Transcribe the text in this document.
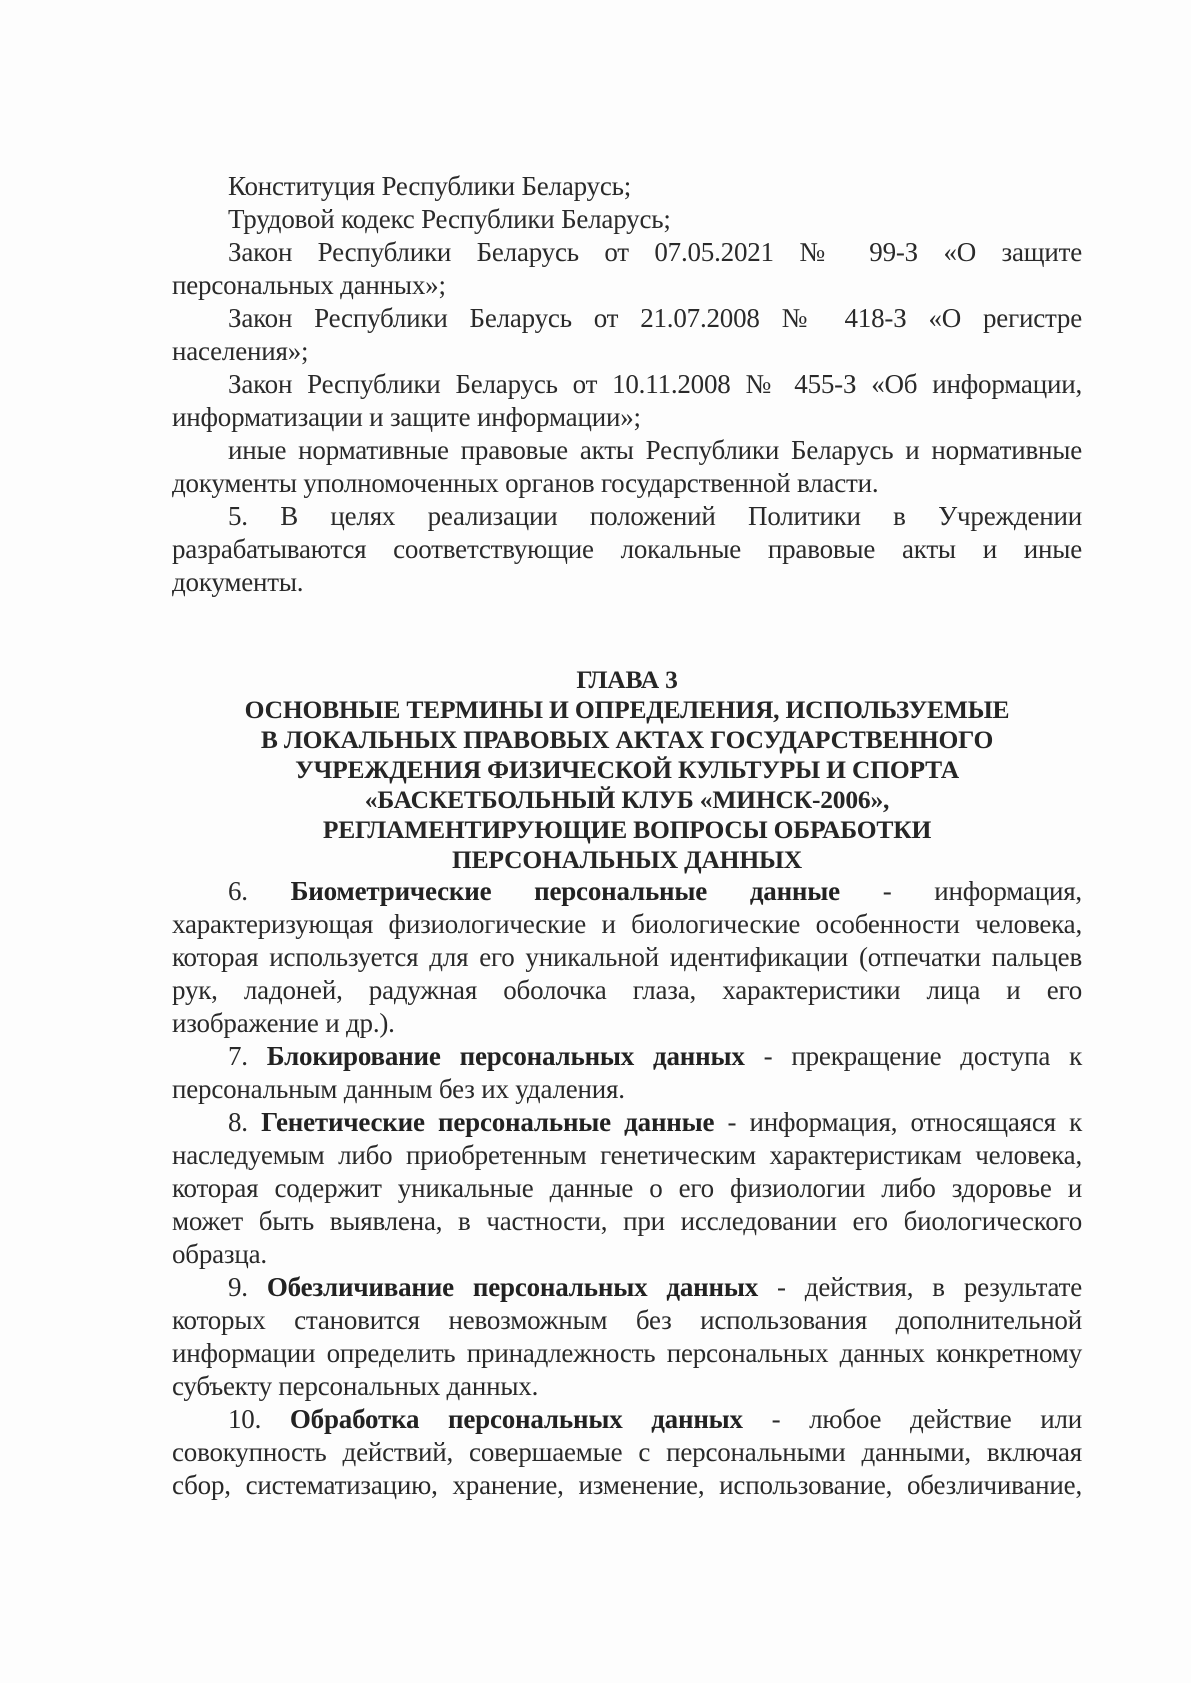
Конституция Республики Беларусь;
Трудовой кодекс Республики Беларусь;
Закон Республики Беларусь от 07.05.2021 № 99-З «О защите
персональных данных»;
Закон Республики Беларусь от 21.07.2008 № 418-З «О регистре
населения»;
Закон Республики Беларусь от 10.11.2008 № 455-З «Об информации,
информатизации и защите информации»;
иные нормативные правовые акты Республики Беларусь и нормативные
документы уполномоченных органов государственной власти.
5. В целях реализации положений Политики в Учреждении
разрабатываются соответствующие локальные правовые акты и иные
документы.
ГЛАВА 3
ОСНОВНЫЕ ТЕРМИНЫ И ОПРЕДЕЛЕНИЯ, ИСПОЛЬЗУЕМЫЕ
В ЛОКАЛЬНЫХ ПРАВОВЫХ АКТАХ ГОСУДАРСТВЕННОГО
УЧРЕЖДЕНИЯ ФИЗИЧЕСКОЙ КУЛЬТУРЫ И СПОРТА
«БАСКЕТБОЛЬНЫЙ КЛУБ «МИНСК-2006»,
РЕГЛАМЕНТИРУЮЩИЕ ВОПРОСЫ ОБРАБОТКИ
ПЕРСОНАЛЬНЫХ ДАННЫХ
6. Биометрические персональные данные - информация,
характеризующая физиологические и биологические особенности человека,
которая используется для его уникальной идентификации (отпечатки пальцев
рук, ладоней, радужная оболочка глаза, характеристики лица и его
изображение и др.).
7. Блокирование персональных данных - прекращение доступа к
персональным данным без их удаления.
8. Генетические персональные данные - информация, относящаяся к
наследуемым либо приобретенным генетическим характеристикам человека,
которая содержит уникальные данные о его физиологии либо здоровье и
может быть выявлена, в частности, при исследовании его биологического
образца.
9. Обезличивание персональных данных - действия, в результате
которых становится невозможным без использования дополнительной
информации определить принадлежность персональных данных конкретному
субъекту персональных данных.
10. Обработка персональных данных - любое действие или
совокупность действий, совершаемые с персональными данными, включая
сбор, систематизацию, хранение, изменение, использование, обезличивание,
